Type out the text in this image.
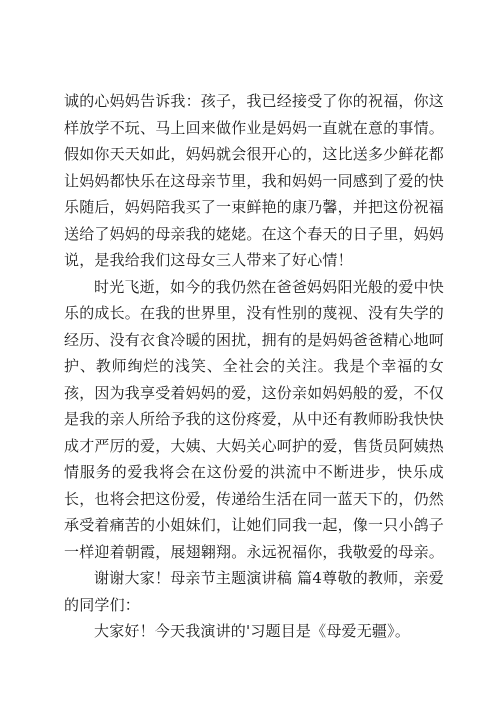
诚的心妈妈告诉我：孩子，我已经接受了你的祝福，你这样放学不玩、马上回来做作业是妈妈一直就在意的事情。假如你天天如此，妈妈就会很开心的，这比送多少鲜花都让妈妈都快乐在这母亲节里，我和妈妈一同感到了爱的快乐随后，妈妈陪我买了一束鲜艳的康乃馨，并把这份祝福送给了妈妈的母亲我的姥姥。在这个春天的日子里，妈妈说，是我给我们这母女三人带来了好心情！

时光飞逝，如今的我仍然在爸爸妈妈阳光般的爱中快乐的成长。在我的世界里，没有性别的蔑视、没有失学的经历、没有衣食冷暖的困扰，拥有的是妈妈爸爸精心地呵护、教师绚烂的浅笑、全社会的关注。我是个幸福的女孩，因为我享受着妈妈的爱，这份亲如妈妈般的爱，不仅是我的亲人所给予我的这份疼爱，从中还有教师盼我快快成才严厉的爱，大姨、大妈关心呵护的爱，售货员阿姨热情服务的爱我将会在这份爱的洪流中不断进步，快乐成长，也将会把这份爱，传递给生活在同一蓝天下的，仍然承受着痛苦的小姐妹们，让她们同我一起，像一只小鸽子一样迎着朝霞，展翅翱翔。永远祝福你，我敬爱的母亲。

谢谢大家！母亲节主题演讲稿 篇4尊敬的教师，亲爱的同学们：

大家好！今天我演讲的'习题目是《母爱无疆》。
